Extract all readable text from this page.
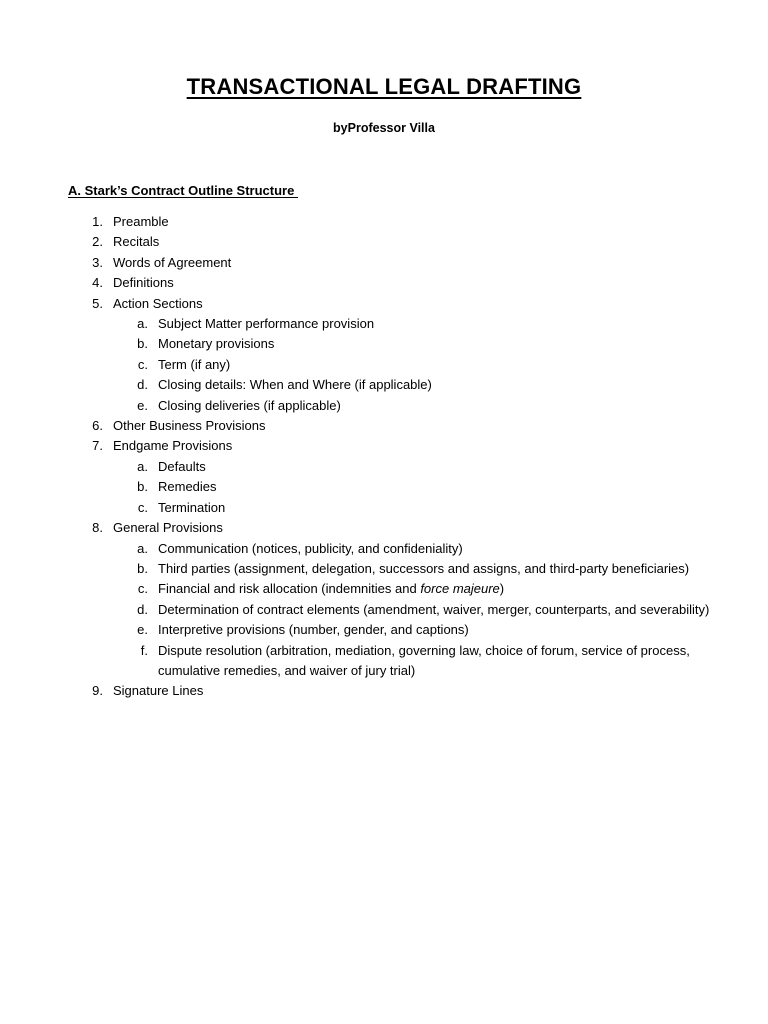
TRANSACTIONAL LEGAL DRAFTING
byProfessor Villa
A. Stark’s Contract Outline Structure
1. Preamble
2. Recitals
3. Words of Agreement
4. Definitions
5. Action Sections
a. Subject Matter performance provision
b. Monetary provisions
c. Term (if any)
d. Closing details: When and Where (if applicable)
e. Closing deliveries (if applicable)
6. Other Business Provisions
7. Endgame Provisions
a. Defaults
b. Remedies
c. Termination
8. General Provisions
a. Communication (notices, publicity, and confideniality)
b. Third parties (assignment, delegation, successors and assigns, and third-party beneficiaries)
c. Financial and risk allocation (indemnities and force majeure)
d. Determination of contract elements (amendment, waiver, merger, counterparts, and severability)
e. Interpretive provisions (number, gender, and captions)
f. Dispute resolution (arbitration, mediation, governing law, choice of forum, service of process, cumulative remedies, and waiver of jury trial)
9. Signature Lines
